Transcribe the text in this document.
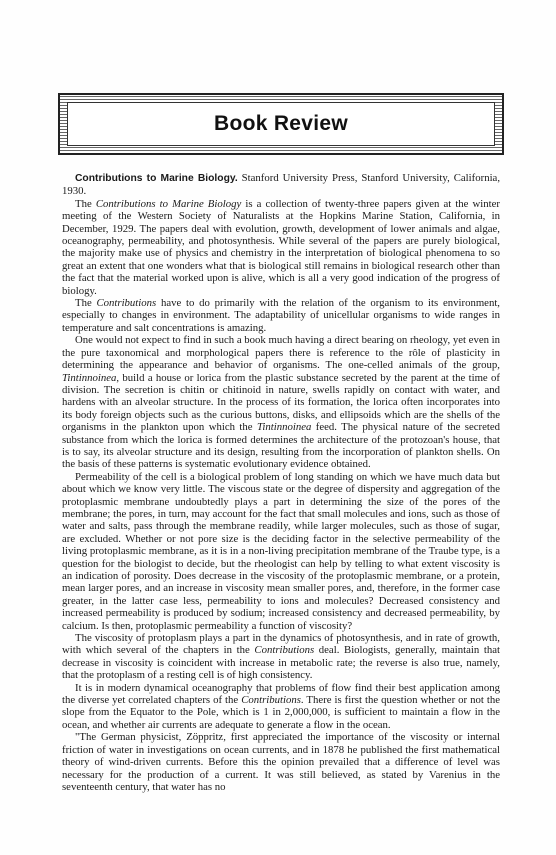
Book Review

Contributions to Marine Biology. Stanford University Press, Stanford University, California, 1930.

The Contributions to Marine Biology is a collection of twenty-three papers given at the winter meeting of the Western Society of Naturalists at the Hopkins Marine Station, California, in December, 1929. The papers deal with evolution, growth, development of lower animals and algae, oceanography, permeability, and photosynthesis. While several of the papers are purely biological, the majority make use of physics and chemistry in the interpretation of biological phenomena to so great an extent that one wonders what that is biological still remains in biological research other than the fact that the material worked upon is alive, which is all a very good indication of the progress of biology.

The Contributions have to do primarily with the relation of the organism to its environment, especially to changes in environment. The adaptability of unicellular organisms to wide ranges in temperature and salt concentrations is amazing.

One would not expect to find in such a book much having a direct bearing on rheology, yet even in the pure taxonomical and morphological papers there is reference to the rôle of plasticity in determining the appearance and behavior of organisms. The one-celled animals of the group, Tintinnoinea, build a house or lorica from the plastic substance secreted by the parent at the time of division. The secretion is chitin or chitinoid in nature, swells rapidly on contact with water, and hardens with an alveolar structure. In the process of its formation, the lorica often incorporates into its body foreign objects such as the curious buttons, disks, and ellipsoids which are the shells of the organisms in the plankton upon which the Tintinnoinea feed. The physical nature of the secreted substance from which the lorica is formed determines the architecture of the protozoan's house, that is to say, its alveolar structure and its design, resulting from the incorporation of plankton shells. On the basis of these patterns is systematic evolutionary evidence obtained.

Permeability of the cell is a biological problem of long standing on which we have much data but about which we know very little. The viscous state or the degree of dispersity and aggregation of the protoplasmic membrane undoubtedly plays a part in determining the size of the pores of the membrane; the pores, in turn, may account for the fact that small molecules and ions, such as those of water and salts, pass through the membrane readily, while larger molecules, such as those of sugar, are excluded. Whether or not pore size is the deciding factor in the selective permeability of the living protoplasmic membrane, as it is in a non-living precipitation membrane of the Traube type, is a question for the biologist to decide, but the rheologist can help by telling to what extent viscosity is an indication of porosity. Does decrease in the viscosity of the protoplasmic membrane, or a protein, mean larger pores, and an increase in viscosity mean smaller pores, and, therefore, in the former case greater, in the latter case less, permeability to ions and molecules? Decreased consistency and increased permeability is produced by sodium; increased consistency and decreased permeability, by calcium. Is then, protoplasmic permeability a function of viscosity?

The viscosity of protoplasm plays a part in the dynamics of photosynthesis, and in rate of growth, with which several of the chapters in the Contributions deal. Biologists, generally, maintain that decrease in viscosity is coincident with increase in metabolic rate; the reverse is also true, namely, that the protoplasm of a resting cell is of high consistency.

It is in modern dynamical oceanography that problems of flow find their best application among the diverse yet correlated chapters of the Contributions. There is first the question whether or not the slope from the Equator to the Pole, which is 1 in 2,000,000, is sufficient to maintain a flow in the ocean, and whether air currents are adequate to generate a flow in the ocean.

"The German physicist, Zöppritz, first appreciated the importance of the viscosity or internal friction of water in investigations on ocean currents, and in 1878 he published the first mathematical theory of wind-driven currents. Before this the opinion prevailed that a difference of level was necessary for the production of a current. It was still believed, as stated by Varenius in the seventeenth century, that water has no
